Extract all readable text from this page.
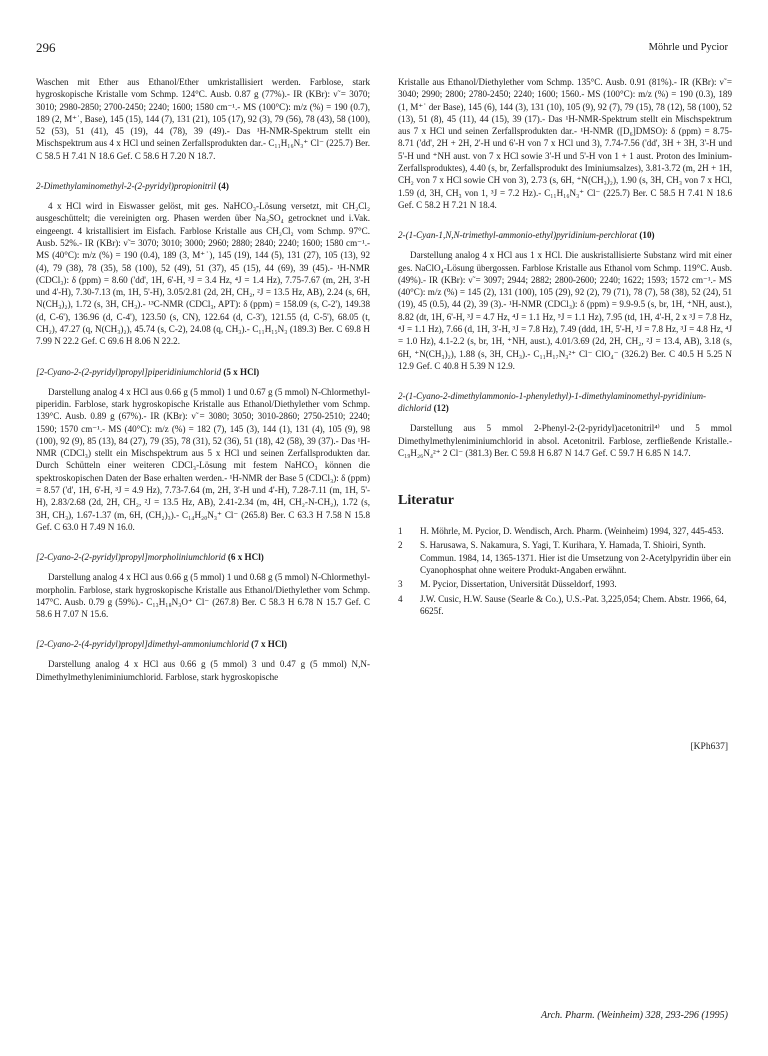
296	Möhrle und Pycior

Waschen mit Ether aus Ethanol/Ether umkristallisiert werden. Farblose, stark hygroskopische Kristalle vom Schmp. 124°C. Ausb. 0.87 g (77%).- IR (KBr): ν̃ = 3070; 3010; 2980-2850; 2700-2450; 2240; 1600; 1580 cm⁻¹.- MS (100°C): m/z (%) = 190 (0.7), 189 (2, M⁺˙, Base), 145 (15), 144 (7), 131 (21), 105 (17), 92 (3), 79 (56), 78 (43), 58 (100), 52 (53), 51 (41), 45 (19), 44 (78), 39 (49).- Das ¹H-NMR-Spektrum stellt ein Mischspektrum aus 4 x HCl und seinen Zerfallsprodukten dar.- C₁₁H₁₆N₃⁺ Cl⁻ (225.7) Ber. C 58.5 H 7.41 N 18.6 Gef. C 58.6 H 7.20 N 18.7.

2-Dimethylaminomethyl-2-(2-pyridyl)propionitril (4)

4 x HCl wird in Eiswasser gelöst, mit ges. NaHCO₃-Lösung versetzt, mit CH₂Cl₂ ausgeschüttelt; die vereinigten org. Phasen werden über Na₂SO₄ getrocknet und i.Vak. eingeengt. 4 kristallisiert im Eisfach. Farblose Kristalle aus CH₂Cl₂ vom Schmp. 97°C. Ausb. 52%.- IR (KBr): ν̃ = 3070; 3010; 3000; 2960; 2880; 2840; 2240; 1600; 1580 cm⁻¹.- MS (40°C): m/z (%) = 190 (0.4), 189 (3, M⁺˙), 145 (19), 144 (5), 131 (27), 105 (13), 92 (4), 79 (38), 78 (35), 58 (100), 52 (49), 51 (37), 45 (15), 44 (69), 39 (45).- ¹H-NMR (CDCl₃): δ (ppm) = 8.60 ('dd', 1H, 6'-H, ³J = 3.4 Hz, ⁴J = 1.4 Hz), 7.75-7.67 (m, 2H, 3'-H und 4'-H), 7.30-7.13 (m, 1H, 5'-H), 3.05/2.81 (2d, 2H, CH₂, ²J = 13.5 Hz, AB), 2.24 (s, 6H, N(CH₃)₂), 1.72 (s, 3H, CH₃).- ¹³C-NMR (CDCl₃, APT): δ (ppm) = 158.09 (s, C-2'), 149.38 (d, C-6'), 136.96 (d, C-4'), 123.50 (s, CN), 122.64 (d, C-3'), 121.55 (d, C-5'), 68.05 (t, CH₂), 47.27 (q, N(CH₃)₂), 45.74 (s, C-2), 24.08 (q, CH₃).- C₁₁H₁₅N₃ (189.3) Ber. C 69.8 H 7.99 N 22.2 Gef. C 69.6 H 8.06 N 22.2.

[2-Cyano-2-(2-pyridyl)propyl]piperidiniumchlorid (5 x HCl)

Darstellung analog 4 x HCl aus 0.66 g (5 mmol) 1 und 0.67 g (5 mmol) N-Chlormethyl-piperidin. Farblose, stark hygroskopische Kristalle aus Ethanol/Diethylether vom Schmp. 139°C. Ausb. 0.89 g (67%).- IR (KBr): ν̃ = 3080; 3050; 3010-2860; 2750-2510; 2240; 1590; 1570 cm⁻¹.- MS (40°C): m/z (%) = 182 (7), 145 (3), 144 (1), 131 (4), 105 (9), 98 (100), 92 (9), 85 (13), 84 (27), 79 (35), 78 (31), 52 (36), 51 (18), 42 (58), 39 (37).- Das ¹H-NMR (CDCl₃) stellt ein Mischspektrum aus 5 x HCl und seinen Zerfallsprodukten dar. Durch Schütteln einer weiteren CDCl₃-Lösung mit festem NaHCO₃ können die spektroskopischen Daten der Base erhalten werden.- ¹H-NMR der Base 5 (CDCl₃): δ (ppm) = 8.57 ('d', 1H, 6'-H, ³J = 4.9 Hz), 7.73-7.64 (m, 2H, 3'-H und 4'-H), 7.28-7.11 (m, 1H, 5'-H), 2.83/2.68 (2d, 2H, CH₂, ²J = 13.5 Hz, AB), 2.41-2.34 (m, 4H, CH₂-N-CH₂), 1.72 (s, 3H, CH₃), 1.67-1.37 (m, 6H, (CH₂)₃).- C₁₄H₂₀N₃⁺ Cl⁻ (265.8) Ber. C 63.3 H 7.58 N 15.8 Gef. C 63.0 H 7.49 N 16.0.

[2-Cyano-2-(2-pyridyl)propyl]morpholiniumchlorid (6 x HCl)

Darstellung analog 4 x HCl aus 0.66 g (5 mmol) 1 und 0.68 g (5 mmol) N-Chlormethyl-morpholin. Farblose, stark hygroskopische Kristalle aus Ethanol/Diethylether vom Schmp. 147°C. Ausb. 0.79 g (59%).- C₁₃H₁₈N₃O⁺ Cl⁻ (267.8) Ber. C 58.3 H 6.78 N 15.7 Gef. C 58.6 H 7.07 N 15.6.

[2-Cyano-2-(4-pyridyl)propyl]dimethyl-ammoniumchlorid (7 x HCl)

Darstellung analog 4 x HCl aus 0.66 g (5 mmol) 3 und 0.47 g (5 mmol) N,N-Dimethylmethyleniminiumchlorid. Farblose, stark hygroskopische

Kristalle aus Ethanol/Diethylether vom Schmp. 135°C. Ausb. 0.91 (81%).- IR (KBr): ν̃ = 3040; 2990; 2800; 2780-2450; 2240; 1600; 1560.- MS (100°C): m/z (%) = 190 (0.3), 189 (1, M⁺˙ der Base), 145 (6), 144 (3), 131 (10), 105 (9), 92 (7), 79 (15), 78 (12), 58 (100), 52 (13), 51 (8), 45 (11), 44 (15), 39 (17).- Das ¹H-NMR-Spektrum stellt ein Mischspektrum aus 7 x HCl und seinen Zerfallsprodukten dar.- ¹H-NMR ([D₆]DMSO): δ (ppm) = 8.75-8.71 ('dd', 2H + 2H, 2'-H und 6'-H von 7 x HCl und 3), 7.74-7.56 ('dd', 3H + 3H, 3'-H und 5'-H und ⁺NH aust. von 7 x HCl sowie 3'-H und 5'-H von 1 + 1 aust. Proton des Iminium-Zerfallsproduktes), 4.40 (s, br, Zerfallsprodukt des Iminiumsalzes), 3.81-3.72 (m, 2H + 1H, CH₂ von 7 x HCl sowie CH von 3), 2.73 (s, 6H, ⁺N(CH₃)₂), 1.90 (s, 3H, CH₃ von 7 x HCl, 1.59 (d, 3H, CH₃ von 1, ³J = 7.2 Hz).- C₁₁H₁₆N₃⁺ Cl⁻ (225.7) Ber. C 58.5 H 7.41 N 18.6 Gef. C 58.2 H 7.21 N 18.4.

2-(1-Cyan-1,N,N-trimethyl-ammonio-ethyl)pyridinium-perchlorat (10)

Darstellung analog 4 x HCl aus 1 x HCl. Die auskristallisierte Substanz wird mit einer ges. NaClO₄-Lösung übergossen. Farblose Kristalle aus Ethanol vom Schmp. 119°C. Ausb. (49%).- IR (KBr): ν̃ = 3097; 2944; 2882; 2800-2600; 2240; 1622; 1593; 1572 cm⁻¹.- MS (40°C): m/z (%) = 145 (2), 131 (100), 105 (29), 92 (2), 79 (71), 78 (7), 58 (38), 52 (24), 51 (19), 45 (0.5), 44 (2), 39 (3).- ¹H-NMR (CDCl₃): δ (ppm) = 9.9-9.5 (s, br, 1H, ⁺NH, aust.), 8.82 (dt, 1H, 6'-H, ³J = 4.7 Hz, ⁴J = 1.1 Hz, ⁵J = 1.1 Hz), 7.95 (td, 1H, 4'-H, 2 x ³J = 7.8 Hz, ⁴J = 1.1 Hz), 7.66 (d, 1H, 3'-H, ³J = 7.8 Hz), 7.49 (ddd, 1H, 5'-H, ³J = 7.8 Hz, ³J = 4.8 Hz, ⁴J = 1.0 Hz), 4.1-2.2 (s, br, 1H, ⁺NH, aust.), 4.01/3.69 (2d, 2H, CH₂, ²J = 13.4, AB), 3.18 (s, 6H, ⁺N(CH₃)₂), 1.88 (s, 3H, CH₃).- C₁₁H₁₇N₃²⁺ Cl⁻ ClO₄⁻ (326.2) Ber. C 40.5 H 5.25 N 12.9 Gef. C 40.8 H 5.39 N 12.9.

2-(1-Cyano-2-dimethylammonio-1-phenylethyl)-1-dimethylaminomethyl-pyridinium-dichlorid (12)

Darstellung aus 5 mmol 2-Phenyl-2-(2-pyridyl)acetonitril⁴⁾ und 5 mmol Dimethylmethyleniminiumchlorid in absol. Acetonitril. Farblose, zerfließende Kristalle.- C₁₉H₂₆N₄²⁺ 2 Cl⁻ (381.3) Ber. C 59.8 H 6.87 N 14.7 Gef. C 59.7 H 6.85 N 14.7.

Literatur
1 H. Möhrle, M. Pycior, D. Wendisch, Arch. Pharm. (Weinheim) 1994, 327, 445-453.
2 S. Harusawa, S. Nakamura, S. Yagi, T. Kurihara, Y. Hamada, T. Shioiri, Synth. Commun. 1984, 14, 1365-1371. Hier ist die Umsetzung von 2-Acetylpyridin über ein Cyanophosphat ohne weitere Produkt-Angaben erwähnt.
3 M. Pycior, Dissertation, Universität Düsseldorf, 1993.
4 J.W. Cusic, H.W. Sause (Searle & Co.), U.S.-Pat. 3,225,054; Chem. Abstr. 1966, 64, 6625f.
[KPh637]
Arch. Pharm. (Weinheim) 328, 293-296 (1995)
